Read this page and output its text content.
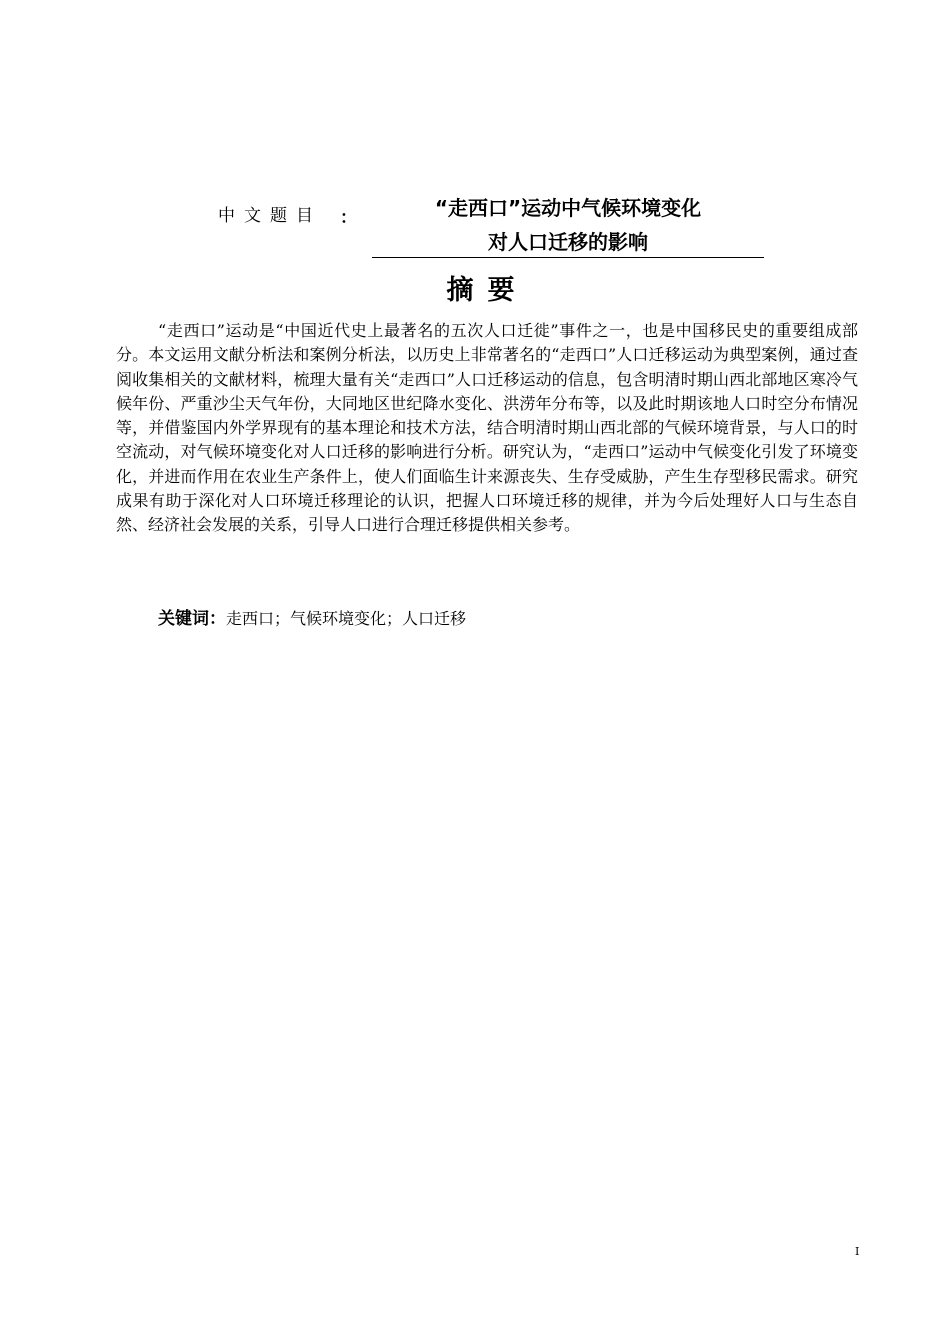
中文题目 ：	“走西口”运动中气候环境变化
对人口迁移的影响
摘要

“走西口”运动是“中国近代史上最著名的五次人口迁徙”事件之一，也是中国移民史的重要组成部分。本文运用文献分析法和案例分析法，以历史上非常著名的“走西口”人口迁移运动为典型案例，通过查阅收集相关的文献材料，梳理大量有关“走西口”人口迁移运动的信息，包含明清时期山西北部地区寒冷气候年份、严重沙尘天气年份，大同地区世纪降水变化、洪涝年分布等，以及此时期该地人口时空分布情况等，并借鉴国内外学界现有的基本理论和技术方法，结合明清时期山西北部的气候环境背景，与人口的时空流动，对气候环境变化对人口迁移的影响进行分析。研究认为，“走西口”运动中气候变化引发了环境变化，并进而作用在农业生产条件上，使人们面临生计来源丧失、生存受威胁，产生生存型移民需求。研究成果有助于深化对人口环境迁移理论的认识，把握人口环境迁移的规律，并为今后处理好人口与生态自然、经济社会发展的关系，引导人口进行合理迁移提供相关参考。

关键词：走西口；气候环境变化；人口迁移
I
